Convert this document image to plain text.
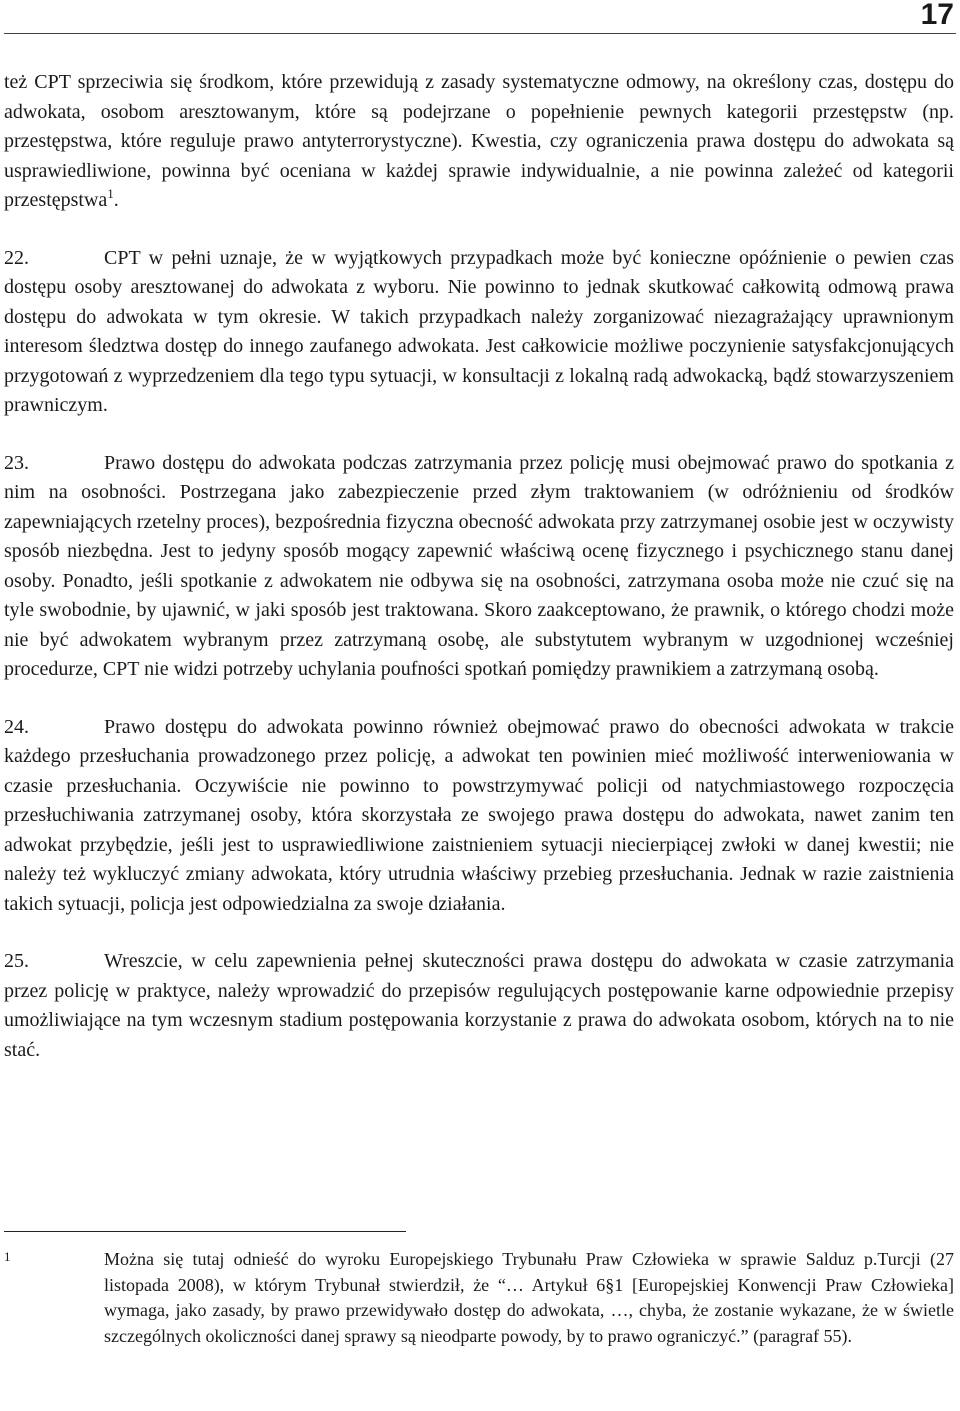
17

też CPT sprzeciwia się środkom, które przewidują z zasady systematyczne odmowy, na określony czas, dostępu do adwokata, osobom aresztowanym, które są podejrzane o popełnienie pewnych kategorii przestępstw (np. przestępstwa, które reguluje prawo antyterrorystyczne). Kwestia, czy ograniczenia prawa dostępu do adwokata są usprawiedliwione, powinna być oceniana w każdej sprawie indywidualnie, a nie powinna zależeć od kategorii przestępstwa$^1$.

22.	CPT w pełni uznaje, że w wyjątkowych przypadkach może być konieczne opóźnienie o pewien czas dostępu osoby aresztowanej do adwokata z wyboru. Nie powinno to jednak skutkować całkowitą odmową prawa dostępu do adwokata w tym okresie. W takich przypadkach należy zorganizować niezagrażający uprawnionym interesom śledztwa dostęp do innego zaufanego adwokata. Jest całkowicie możliwe poczynienie satysfakcjonujących przygotowań z wyprzedzeniem dla tego typu sytuacji, w konsultacji z lokalną radą adwokacką, bądź stowarzyszeniem prawniczym.

23.	Prawo dostępu do adwokata podczas zatrzymania przez policję musi obejmować prawo do spotkania z nim na osobności. Postrzegana jako zabezpieczenie przed złym traktowaniem (w odróżnieniu od środków zapewniających rzetelny proces), bezpośrednia fizyczna obecność adwokata przy zatrzymanej osobie jest w oczywisty sposób niezbędna. Jest to jedyny sposób mogący zapewnić właściwą ocenę fizycznego i psychicznego stanu danej osoby. Ponadto, jeśli spotkanie z adwokatem nie odbywa się na osobności, zatrzymana osoba może nie czuć się na tyle swobodnie, by ujawnić, w jaki sposób jest traktowana. Skoro zaakceptowano, że prawnik, o którego chodzi może nie być adwokatem wybranym przez zatrzymaną osobę, ale substytutem wybranym w uzgodnionej wcześniej procedurze, CPT nie widzi potrzeby uchylania poufności spotkań pomiędzy prawnikiem a zatrzymaną osobą.

24.	Prawo dostępu do adwokata powinno również obejmować prawo do obecności adwokata w trakcie każdego przesłuchania prowadzonego przez policję, a adwokat ten powinien mieć możliwość interweniowania w czasie przesłuchania. Oczywiście nie powinno to powstrzymywać policji od natychmiastowego rozpoczęcia przesłuchiwania zatrzymanej osoby, która skorzystała ze swojego prawa dostępu do adwokata, nawet zanim ten adwokat przybędzie, jeśli jest to usprawiedliwione zaistnieniem sytuacji niecierpiącej zwłoki w danej kwestii; nie należy też wykluczyć zmiany adwokata, który utrudnia właściwy przebieg przesłuchania. Jednak w razie zaistnienia takich sytuacji, policja jest odpowiedzialna za swoje działania.

25.	Wreszcie, w celu zapewnienia pełnej skuteczności prawa dostępu do adwokata w czasie zatrzymania przez policję w praktyce, należy wprowadzić do przepisów regulujących postępowanie karne odpowiednie przepisy umożliwiające na tym wczesnym stadium postępowania korzystanie z prawa do adwokata osobom, których na to nie stać.

1	Można się tutaj odnieść do wyroku Europejskiego Trybunału Praw Człowieka w sprawie Salduz p.Turcji (27 listopada 2008), w którym Trybunał stwierdził, że “… Artykuł 6§1 [Europejskiej Konwencji Praw Człowieka] wymaga, jako zasady, by prawo przewidywało dostęp do adwokata, …, chyba, że zostanie wykazane, że w świetle szczególnych okoliczności danej sprawy są nieodparte powody, by to prawo ograniczyć.” (paragraf 55).
